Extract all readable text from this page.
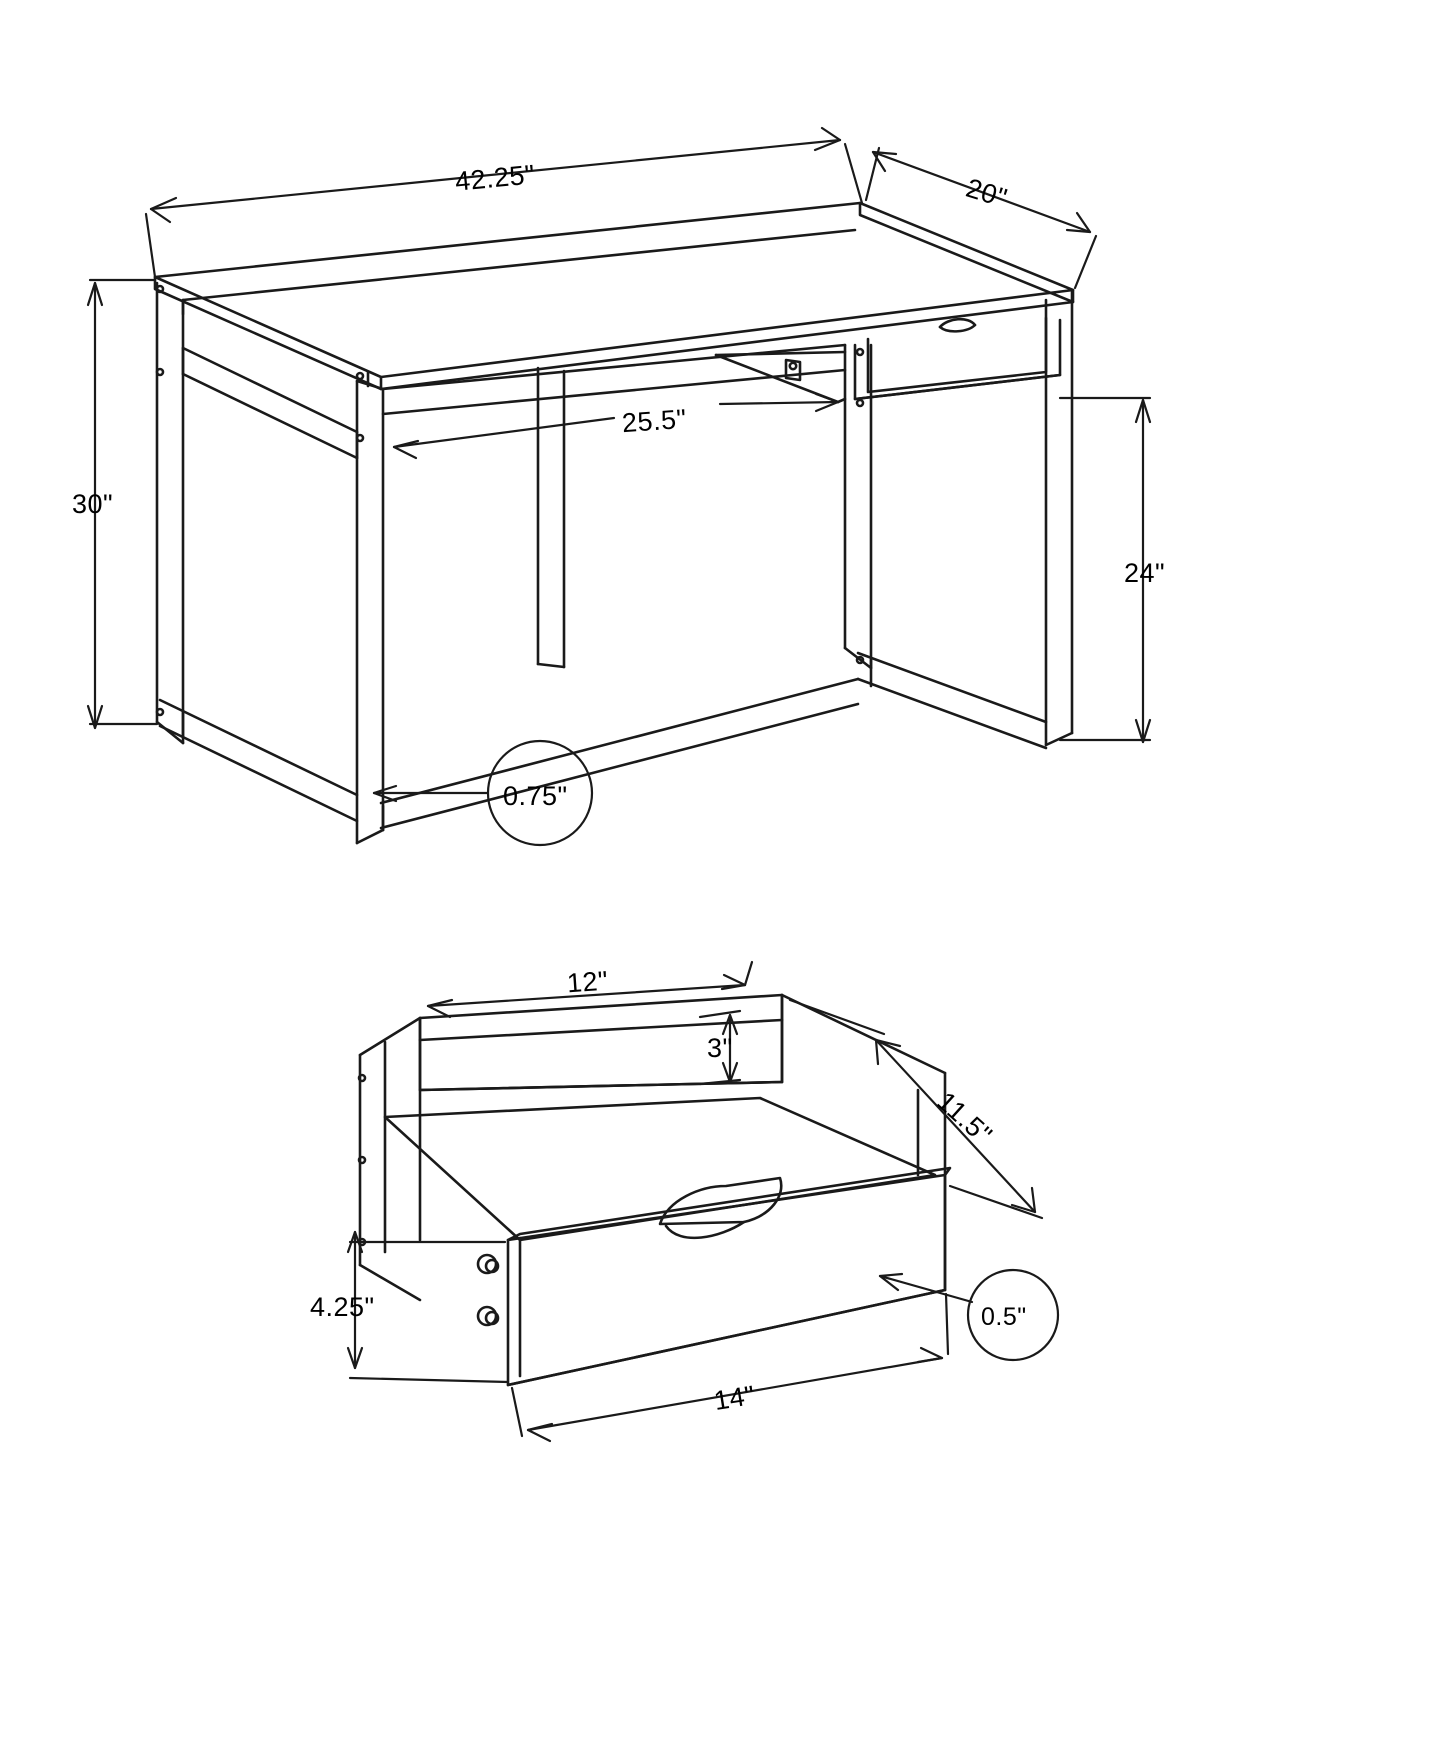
42.25"	20"
30"
25.5"
24"
0.75"
12"
3"
11.5"
4.25"
14"
0.5"
